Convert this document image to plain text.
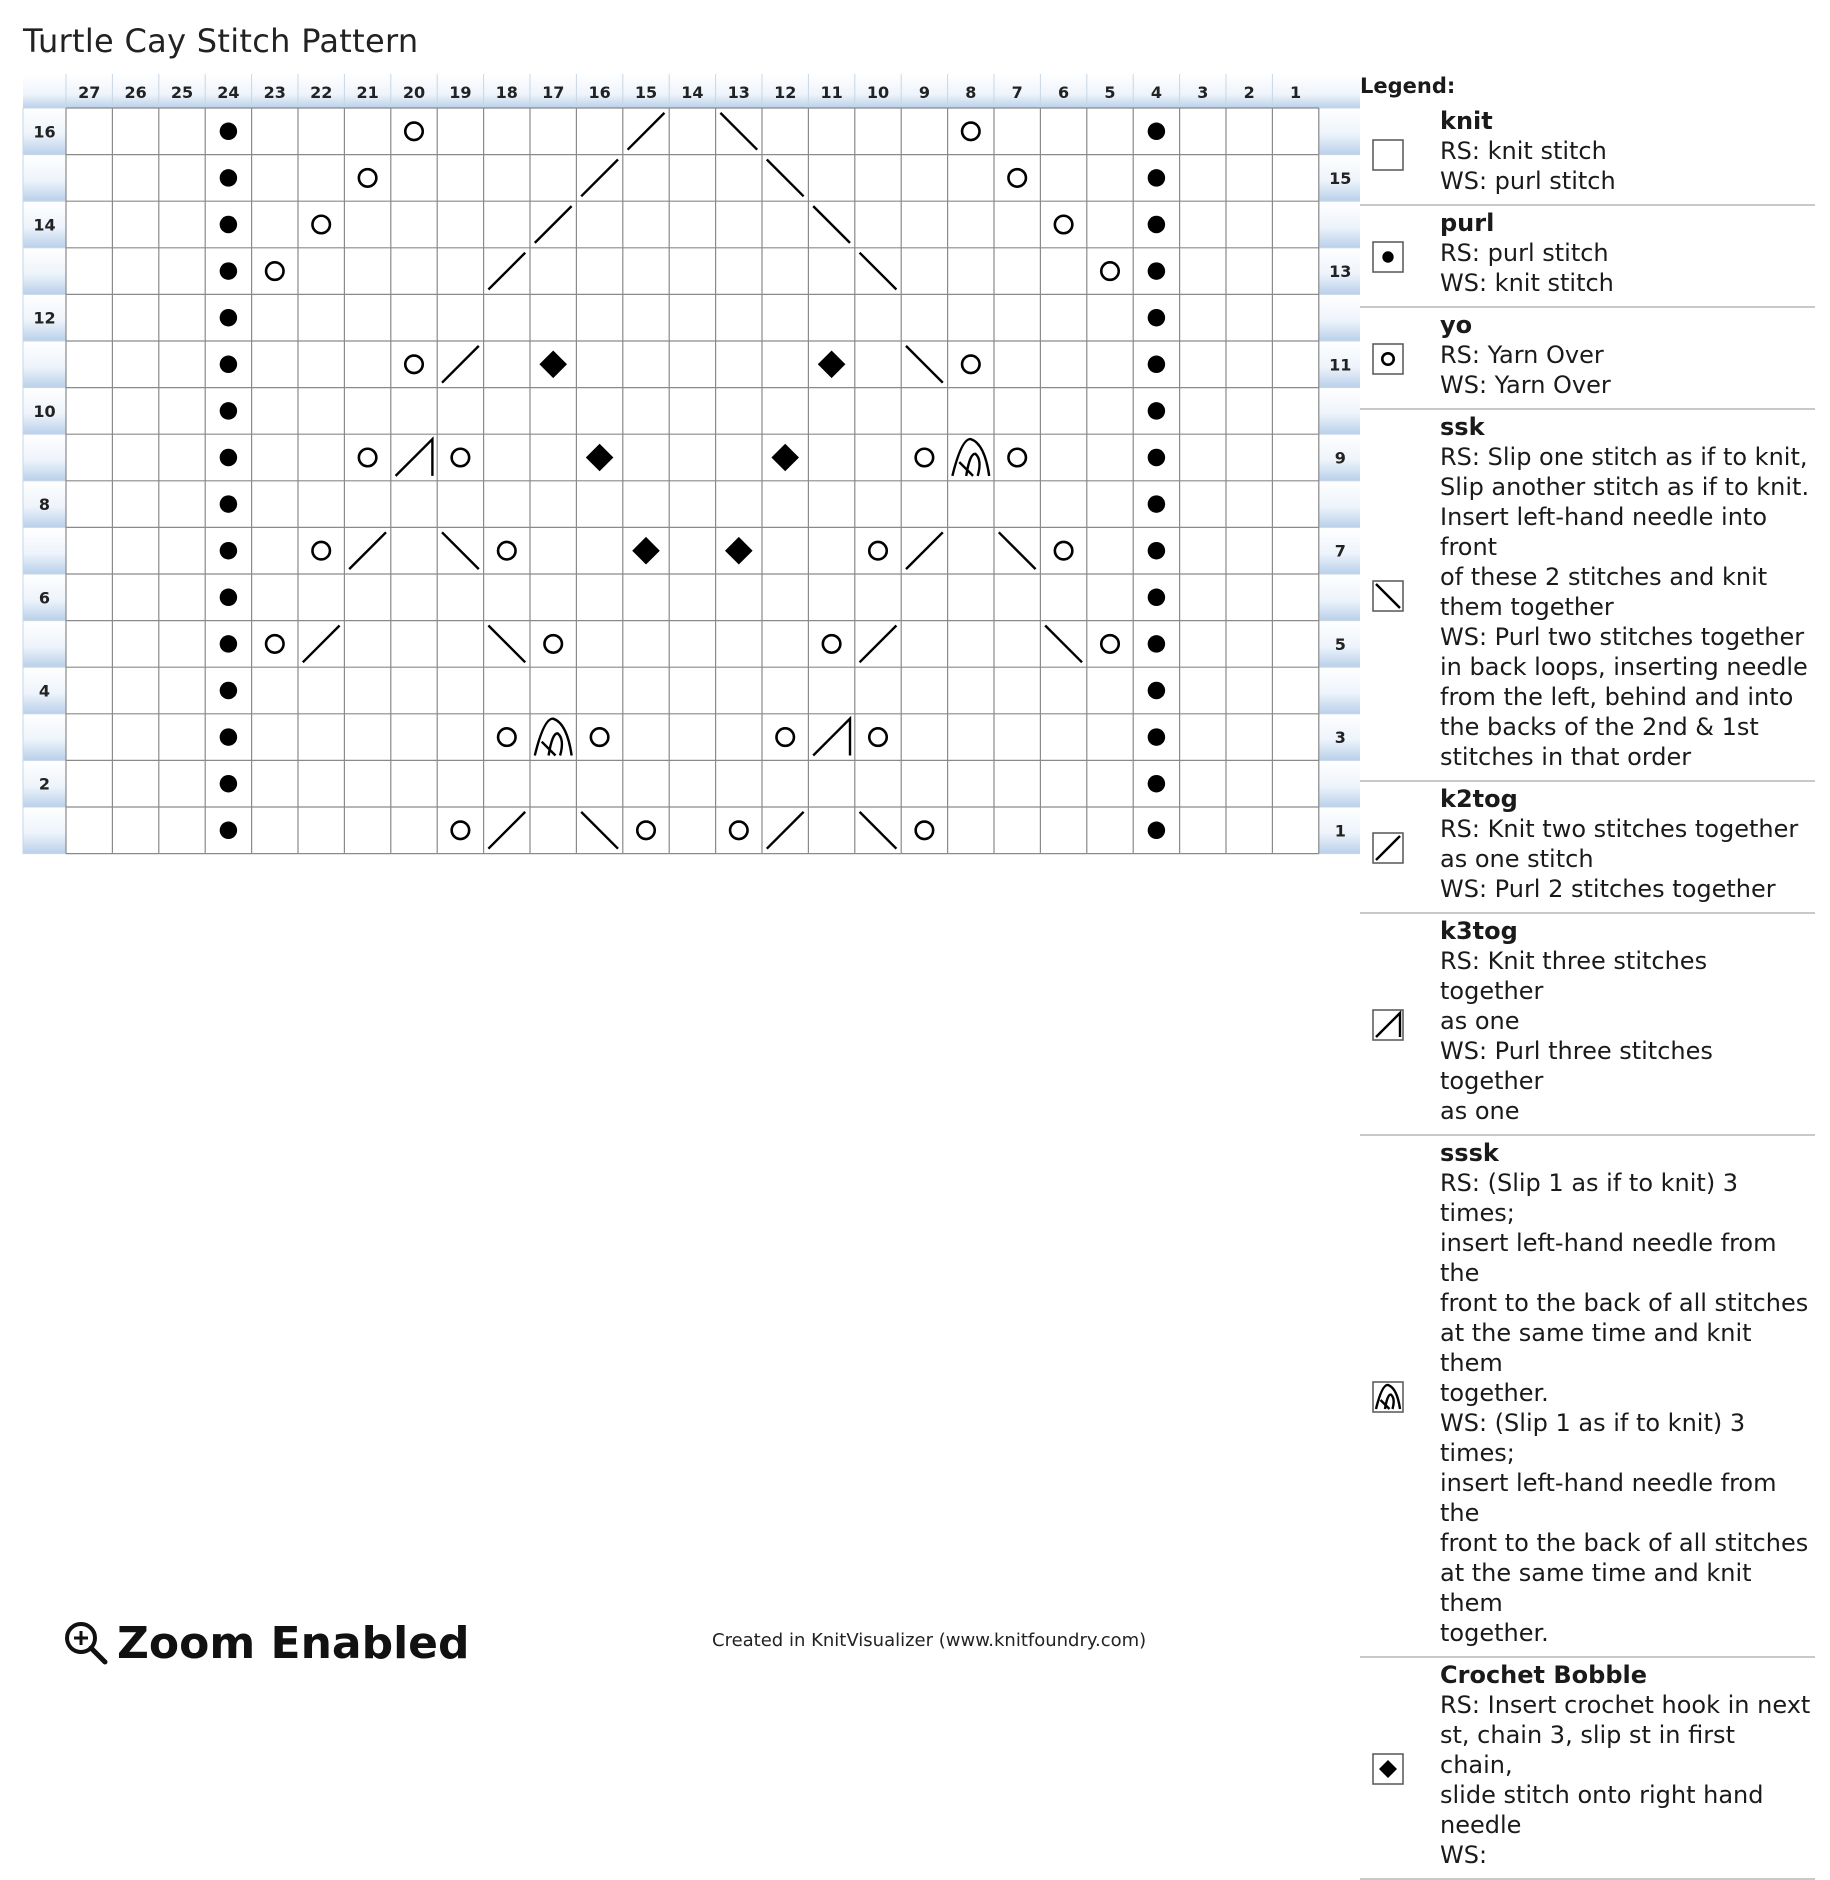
Turtle Cay Stitch Pattern
27 26 25 24 23 22 21 20 19 18 17 16 15 14 13 12 11 10 9 8 7 6 5 4 3 2 1
16
14
12
10
8
6
4
2
15
13
11
9
7
5
3
1
Legend:
knit
RS: knit stitch
WS: purl stitch
purl
RS: purl stitch
WS: knit stitch
yo
RS: Yarn Over
WS: Yarn Over
ssk
RS: Slip one stitch as if to knit,
Slip another stitch as if to knit.
Insert left-hand needle into front
of these 2 stitches and knit
them together
WS: Purl two stitches together
in back loops, inserting needle
from the left, behind and into
the backs of the 2nd & 1st
stitches in that order
k2tog
RS: Knit two stitches together
as one stitch
WS: Purl 2 stitches together
k3tog
RS: Knit three stitches together
as one
WS: Purl three stitches together
as one
sssk
RS: (Slip 1 as if to knit) 3 times;
insert left-hand needle from the
front to the back of all stitches
at the same time and knit them
together.
WS: (Slip 1 as if to knit) 3 times;
insert left-hand needle from the
front to the back of all stitches
at the same time and knit them
together.
Crochet Bobble
RS: Insert crochet hook in next
st, chain 3, slip st in first chain,
slide stitch onto right hand
needle
WS:
Zoom Enabled	Created in KnitVisualizer (www.knitfoundry.com)
